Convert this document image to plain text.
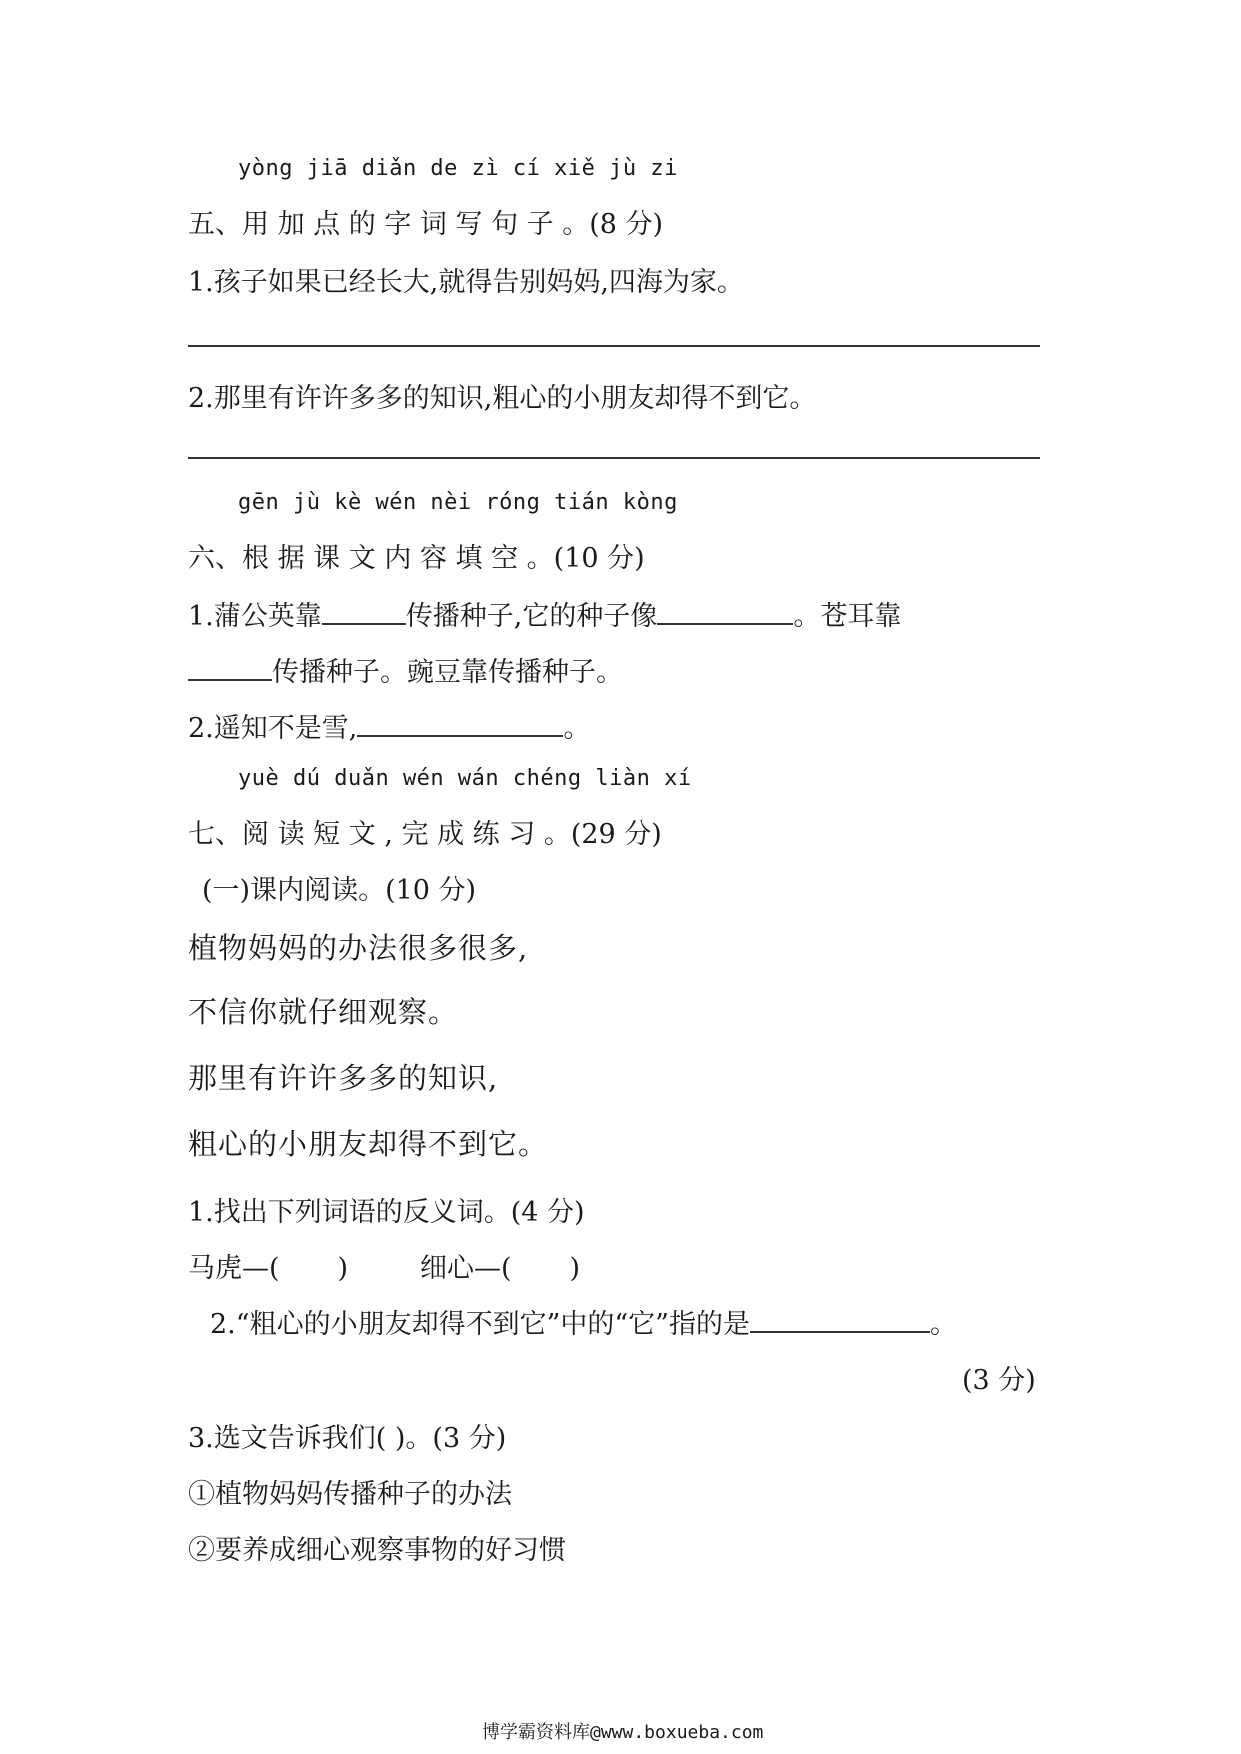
yòng jiā diǎn de zì cí xiě jù zi
五、用 加 点 的 字 词 写 句 子 。(8 分)
1.孩子如果已经长大,就得告别妈妈,四海为家。
2.那里有许许多多的知识,粗心的小朋友却得不到它。
gēn jù kè wén nèi róng tián kòng
六、根 据 课 文 内 容 填 空 。(10 分)
1.蒲公英靠	传播种子,它的种子像	。苍耳靠
传播种子。豌豆靠传播种子。
2.遥知不是雪,	。
yuè dú duǎn wén wán chéng liàn xí
七、阅 读 短 文 , 完 成 练 习 。(29 分)
(一)课内阅读。(10 分)
植物妈妈的办法很多很多,
不信你就仔细观察。
那里有许许多多的知识,
粗心的小朋友却得不到它。
1.找出下列词语的反义词。(4 分)
马虎—( )	细心—( )
2.“粗心的小朋友却得不到它”中的“它”指的是	。
(3 分)
3.选文告诉我们( )。(3 分)
①植物妈妈传播种子的办法
②要养成细心观察事物的好习惯
博学霸资料库@www.boxueba.com
